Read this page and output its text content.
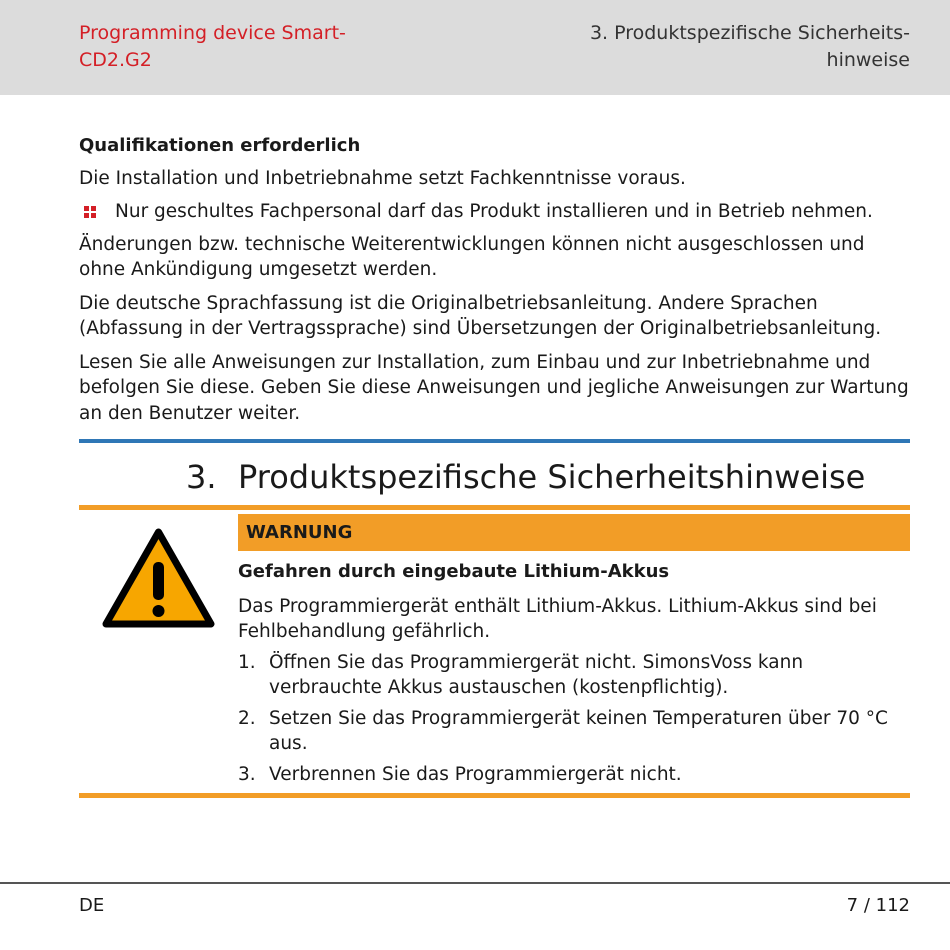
Programming device Smart-
CD2.G2
3. Produktspezifische Sicherheits-
hinweise

Qualifikationen erforderlich

Die Installation und Inbetriebnahme setzt Fachkenntnisse voraus.

Nur geschultes Fachpersonal darf das Produkt installieren und in Betrieb nehmen.

Änderungen bzw. technische Weiterentwicklungen können nicht ausgeschlossen und ohne Ankündigung umgesetzt werden.

Die deutsche Sprachfassung ist die Originalbetriebsanleitung. Andere Sprachen (Abfassung in der Vertragssprache) sind Übersetzungen der Originalbetriebsanleitung.

Lesen Sie alle Anweisungen zur Installation, zum Einbau und zur Inbetriebnahme und befolgen Sie diese. Geben Sie diese Anweisungen und jegliche Anweisungen zur Wartung an den Benutzer weiter.

3. Produktspezifische Sicherheitshinweise
WARNUNG

Gefahren durch eingebaute Lithium-Akkus

Das Programmiergerät enthält Lithium-Akkus. Lithium-Akkus sind bei Fehlbehandlung gefährlich.

1. Öffnen Sie das Programmiergerät nicht. SimonsVoss kann verbrauchte Akkus austauschen (kostenpflichtig).
2. Setzen Sie das Programmiergerät keinen Temperaturen über 70 °C aus.
3. Verbrennen Sie das Programmiergerät nicht.
DE	7 / 112
